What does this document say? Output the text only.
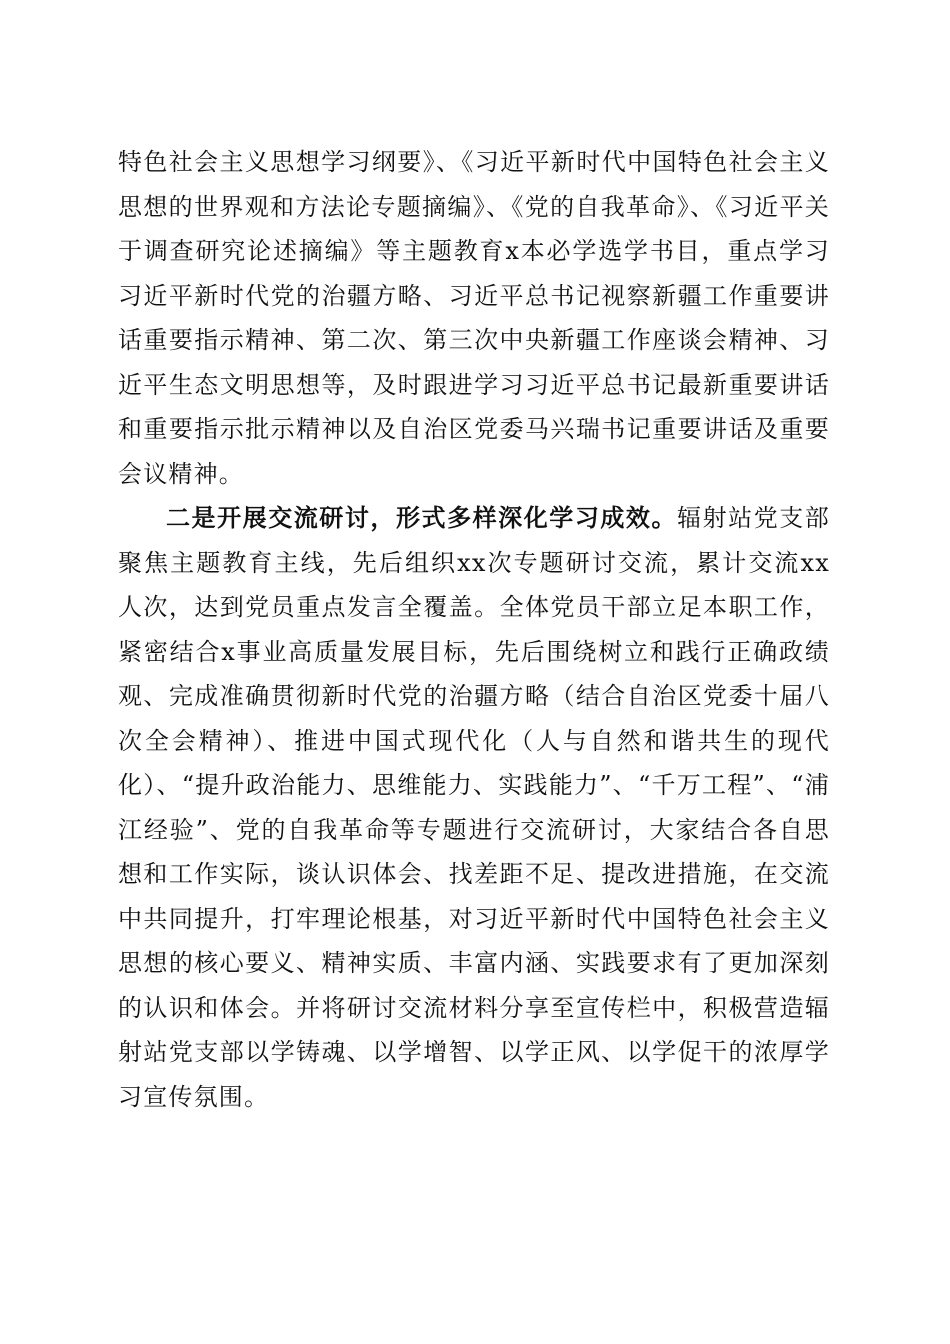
特色社会主义思想学习纲要》、《习近平新时代中国特色社会主义思想的世界观和方法论专题摘编》、《党的自我革命》、《习近平关于调查研究论述摘编》等主题教育x本必学选学书目，重点学习习近平新时代党的治疆方略、习近平总书记视察新疆工作重要讲话重要指示精神、第二次、第三次中央新疆工作座谈会精神、习近平生态文明思想等，及时跟进学习习近平总书记最新重要讲话和重要指示批示精神以及自治区党委马兴瑞书记重要讲话及重要会议精神。

二是开展交流研讨，形式多样深化学习成效。辐射站党支部聚焦主题教育主线，先后组织xx次专题研讨交流，累计交流xx人次，达到党员重点发言全覆盖。全体党员干部立足本职工作，紧密结合x事业高质量发展目标，先后围绕树立和践行正确政绩观、完成准确贯彻新时代党的治疆方略（结合自治区党委十届八次全会精神）、推进中国式现代化（人与自然和谐共生的现代化）、“提升政治能力、思维能力、实践能力”、“千万工程”、“浦江经验”、党的自我革命等专题进行交流研讨，大家结合各自思想和工作实际，谈认识体会、找差距不足、提改进措施，在交流中共同提升，打牢理论根基，对习近平新时代中国特色社会主义思想的核心要义、精神实质、丰富内涵、实践要求有了更加深刻的认识和体会。并将研讨交流材料分享至宣传栏中，积极营造辐射站党支部以学铸魂、以学增智、以学正风、以学促干的浓厚学习宣传氛围。
